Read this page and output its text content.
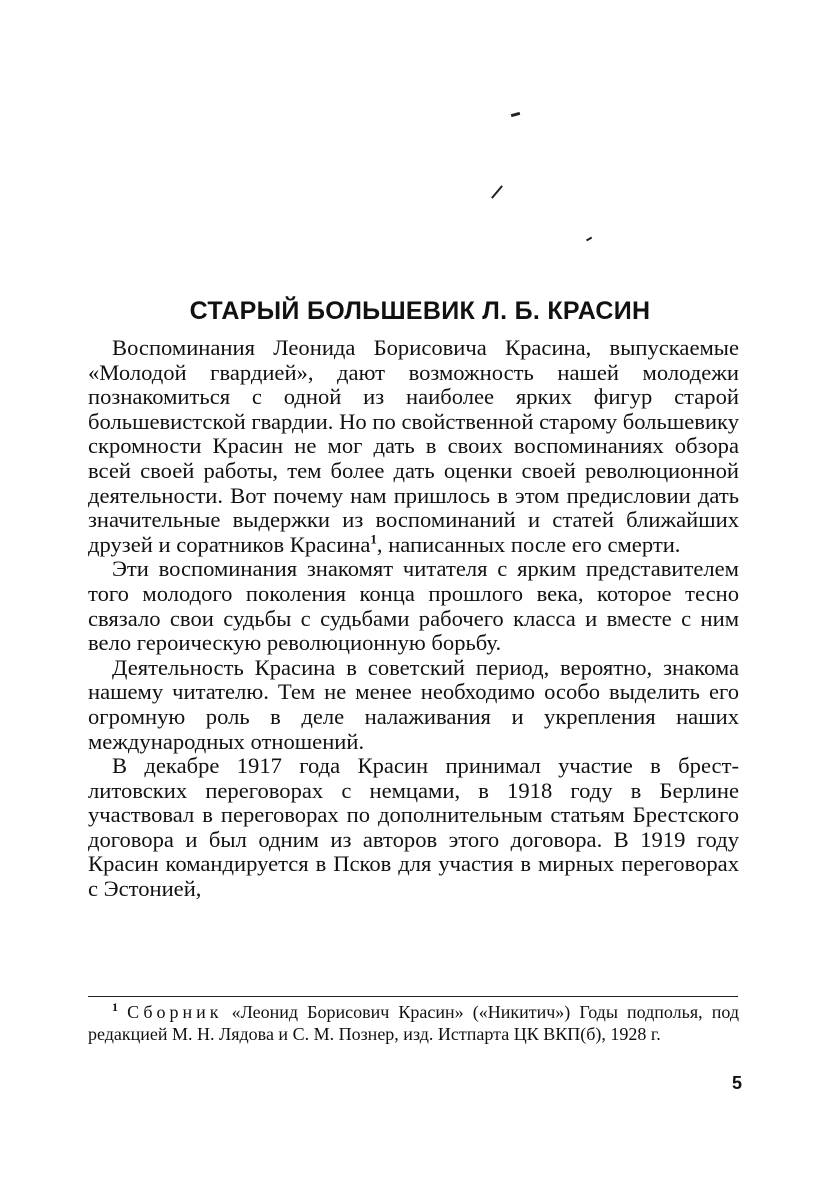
СТАРЫЙ БОЛЬШЕВИК Л. Б. КРАСИН

Воспоминания Леонида Борисовича Красина, выпускаемые «Молодой гвардией», дают возможность нашей молодежи познакомиться с одной из наиболее ярких фигур старой большевистской гвардии. Но по свойственной старому большевику скромности Красин не мог дать в своих воспоминаниях обзора всей своей работы, тем более дать оценки своей революционной деятельности. Вот почему нам пришлось в этом предисловии дать значительные выдержки из воспоминаний и статей ближайших друзей и соратников Красина$^1$, написанных после его смерти.

Эти воспоминания знакомят читателя с ярким представителем того молодого поколения конца прошлого века, которое тесно связало свои судьбы с судьбами рабочего класса и вместе с ним вело героическую революционную борьбу.

Деятельность Красина в советский период, вероятно, знакома нашему читателю. Тем не менее необходимо особо выделить его огромную роль в деле налаживания и укрепления наших международных отношений.

В декабре 1917 года Красин принимал участие в брест-литовских переговорах с немцами, в 1918 году в Берлине участвовал в переговорах по дополнительным статьям Брестского договора и был одним из авторов этого договора. В 1919 году Красин командируется в Псков для участия в мирных переговорах с Эстонией,

$^1$ Сборник «Леонид Борисович Красин» («Никитич») Годы подполья, под редакцией М. Н. Лядова и С. М. Познер, изд. Истпарта ЦК ВКП(б), 1928 г.

5
